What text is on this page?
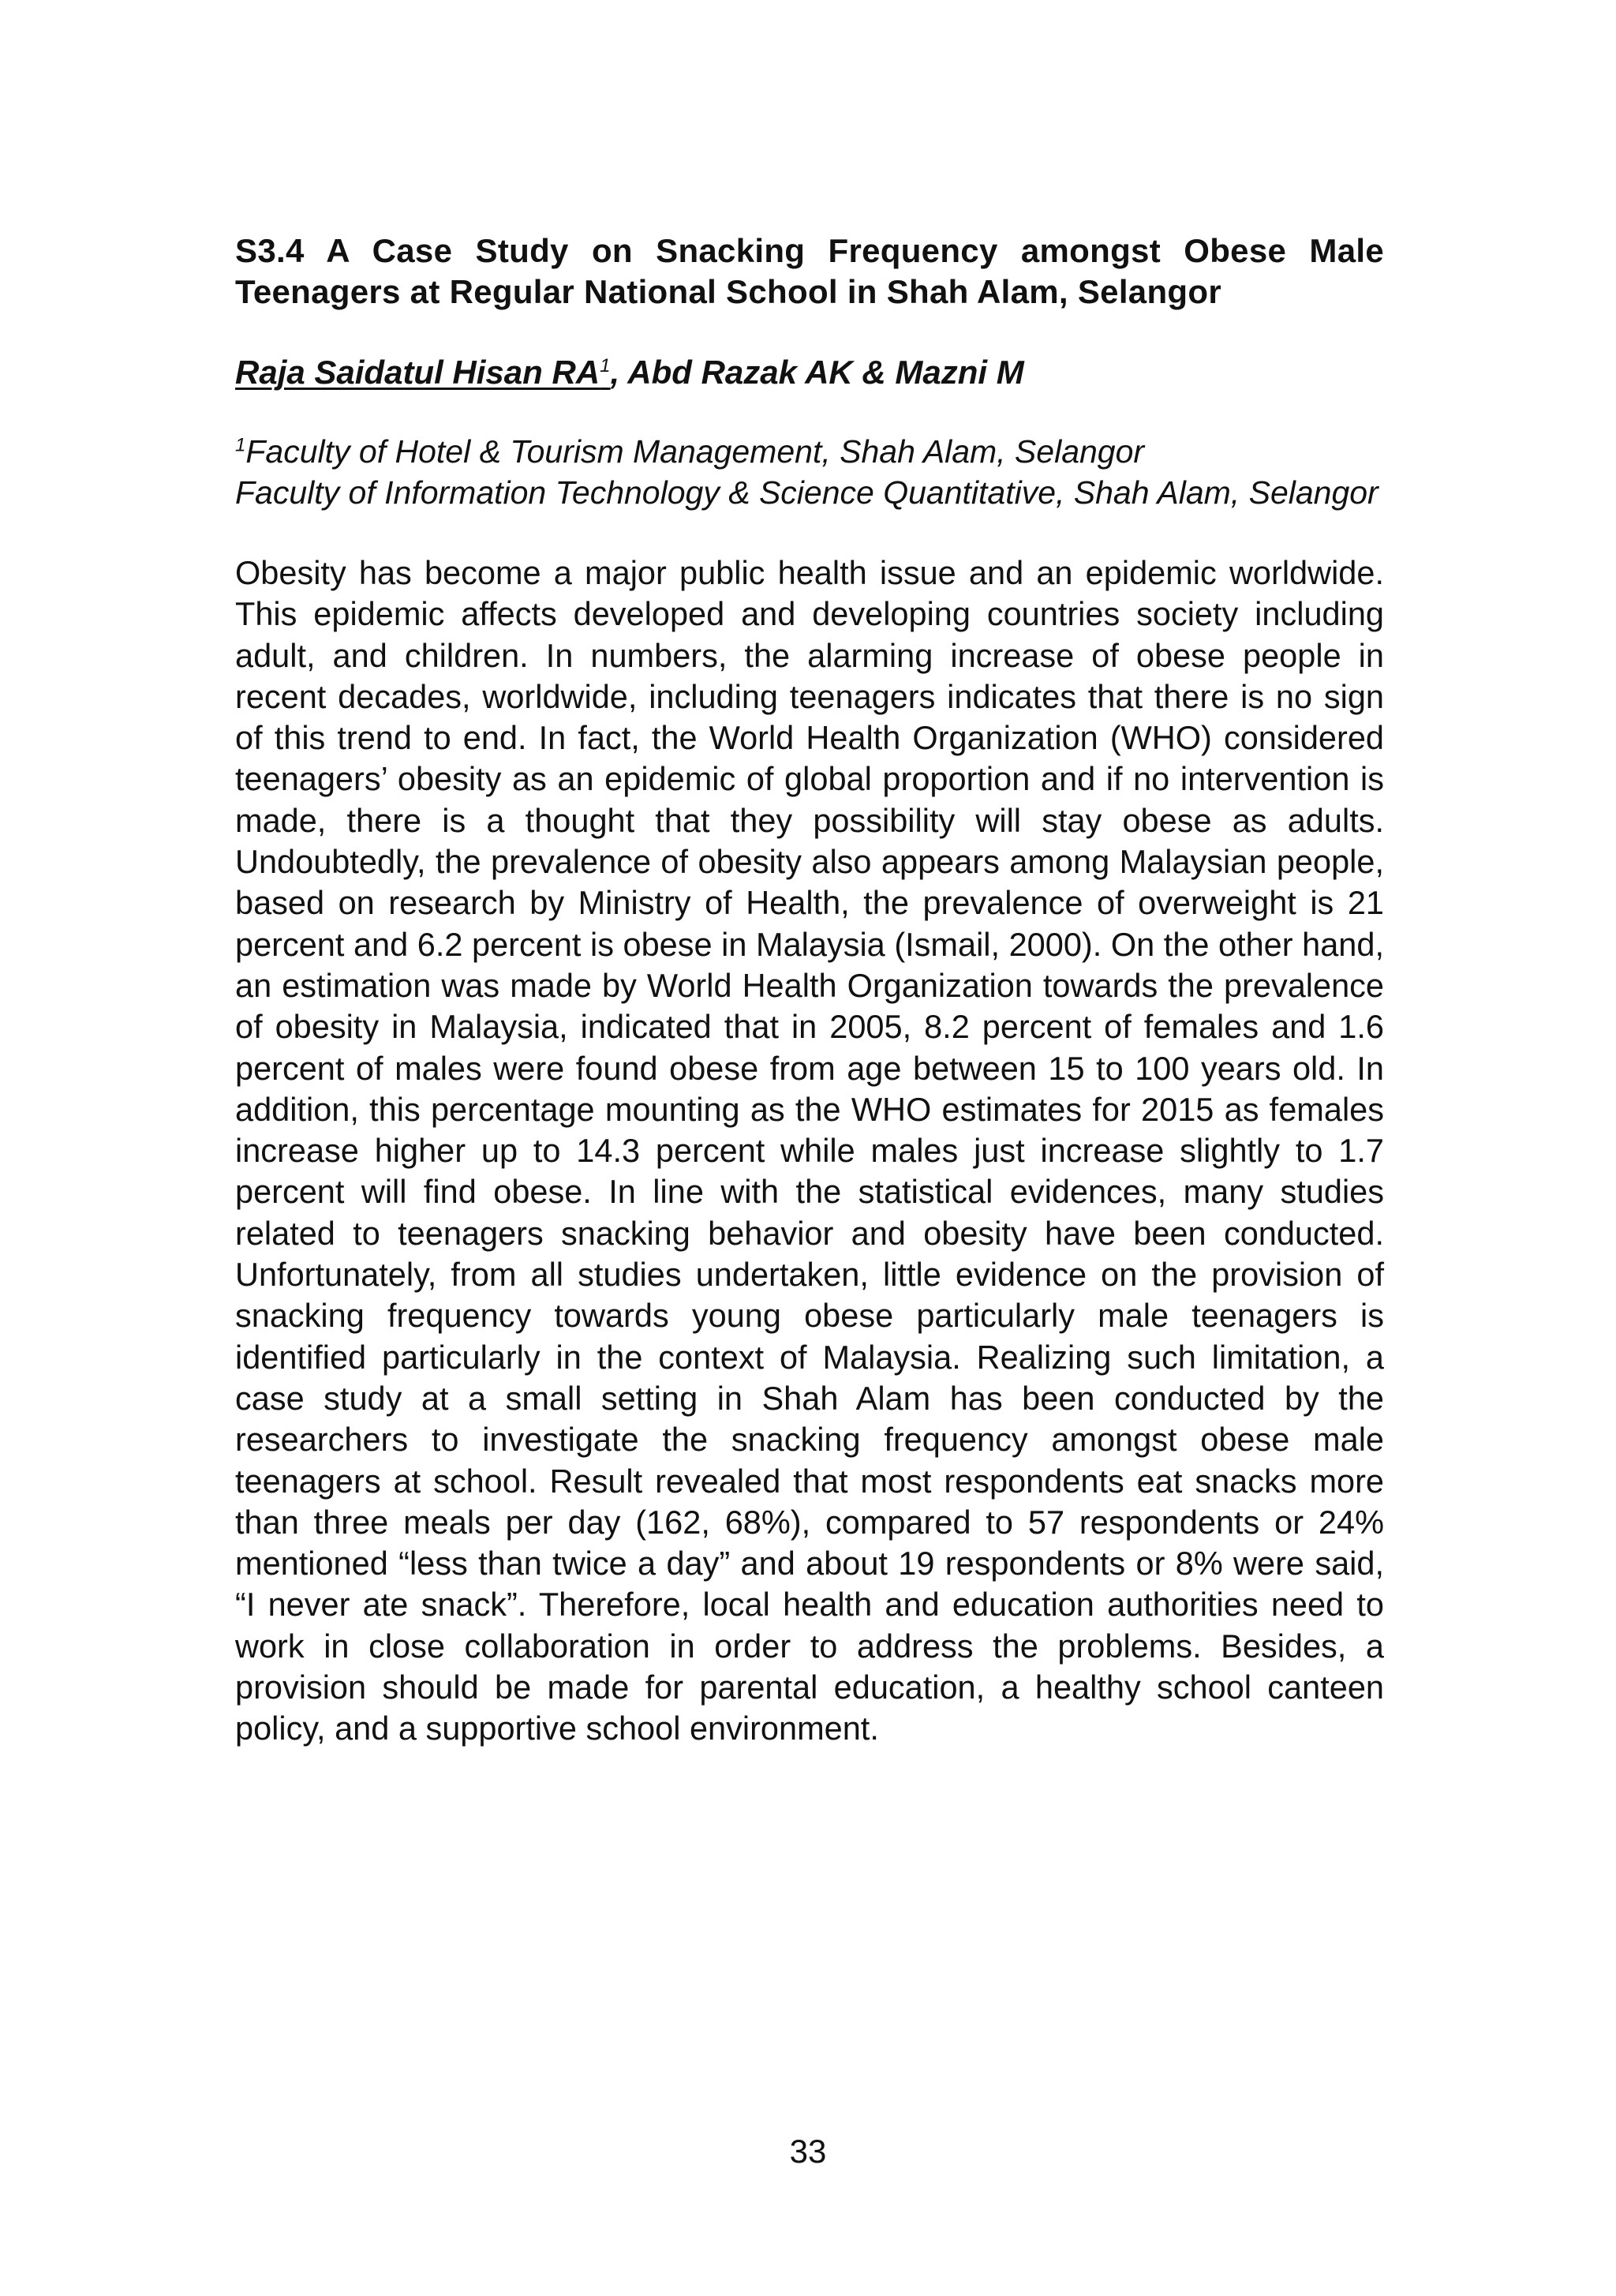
S3.4 A Case Study on Snacking Frequency amongst Obese Male Teenagers at Regular National School in Shah Alam, Selangor

Raja Saidatul Hisan $RA^1$, Abd Razak AK & Mazni M

$^1$Faculty of Hotel & Tourism Management, Shah Alam, Selangor

Faculty of Information Technology & Science Quantitative, Shah Alam, Selangor

Obesity has become a major public health issue and an epidemic worldwide. This epidemic affects developed and developing countries society including adult, and children. In numbers, the alarming increase of obese people in recent decades, worldwide, including teenagers indicates that there is no sign of this trend to end. In fact, the World Health Organization (WHO) considered teenagers’ obesity as an epidemic of global proportion and if no intervention is made, there is a thought that they possibility will stay obese as adults. Undoubtedly, the prevalence of obesity also appears among Malaysian people, based on research by Ministry of Health, the prevalence of overweight is 21 percent and 6.2 percent is obese in Malaysia (Ismail, 2000). On the other hand, an estimation was made by World Health Organization towards the prevalence of obesity in Malaysia, indicated that in 2005, 8.2 percent of females and 1.6 percent of males were found obese from age between 15 to 100 years old. In addition, this percentage mounting as the WHO estimates for 2015 as females increase higher up to 14.3 percent while males just increase slightly to 1.7 percent will find obese. In line with the statistical evidences, many studies related to teenagers snacking behavior and obesity have been conducted. Unfortunately, from all studies undertaken, little evidence on the provision of snacking frequency towards young obese particularly male teenagers is identified particularly in the context of Malaysia. Realizing such limitation, a case study at a small setting in Shah Alam has been conducted by the researchers to investigate the snacking frequency amongst obese male teenagers at school. Result revealed that most respondents eat snacks more than three meals per day (162, 68%), compared to 57 respondents or 24% mentioned “less than twice a day” and about 19 respondents or 8% were said, “I never ate snack”. Therefore, local health and education authorities need to work in close collaboration in order to address the problems. Besides, a provision should be made for parental education, a healthy school canteen policy, and a supportive school environment.

33
